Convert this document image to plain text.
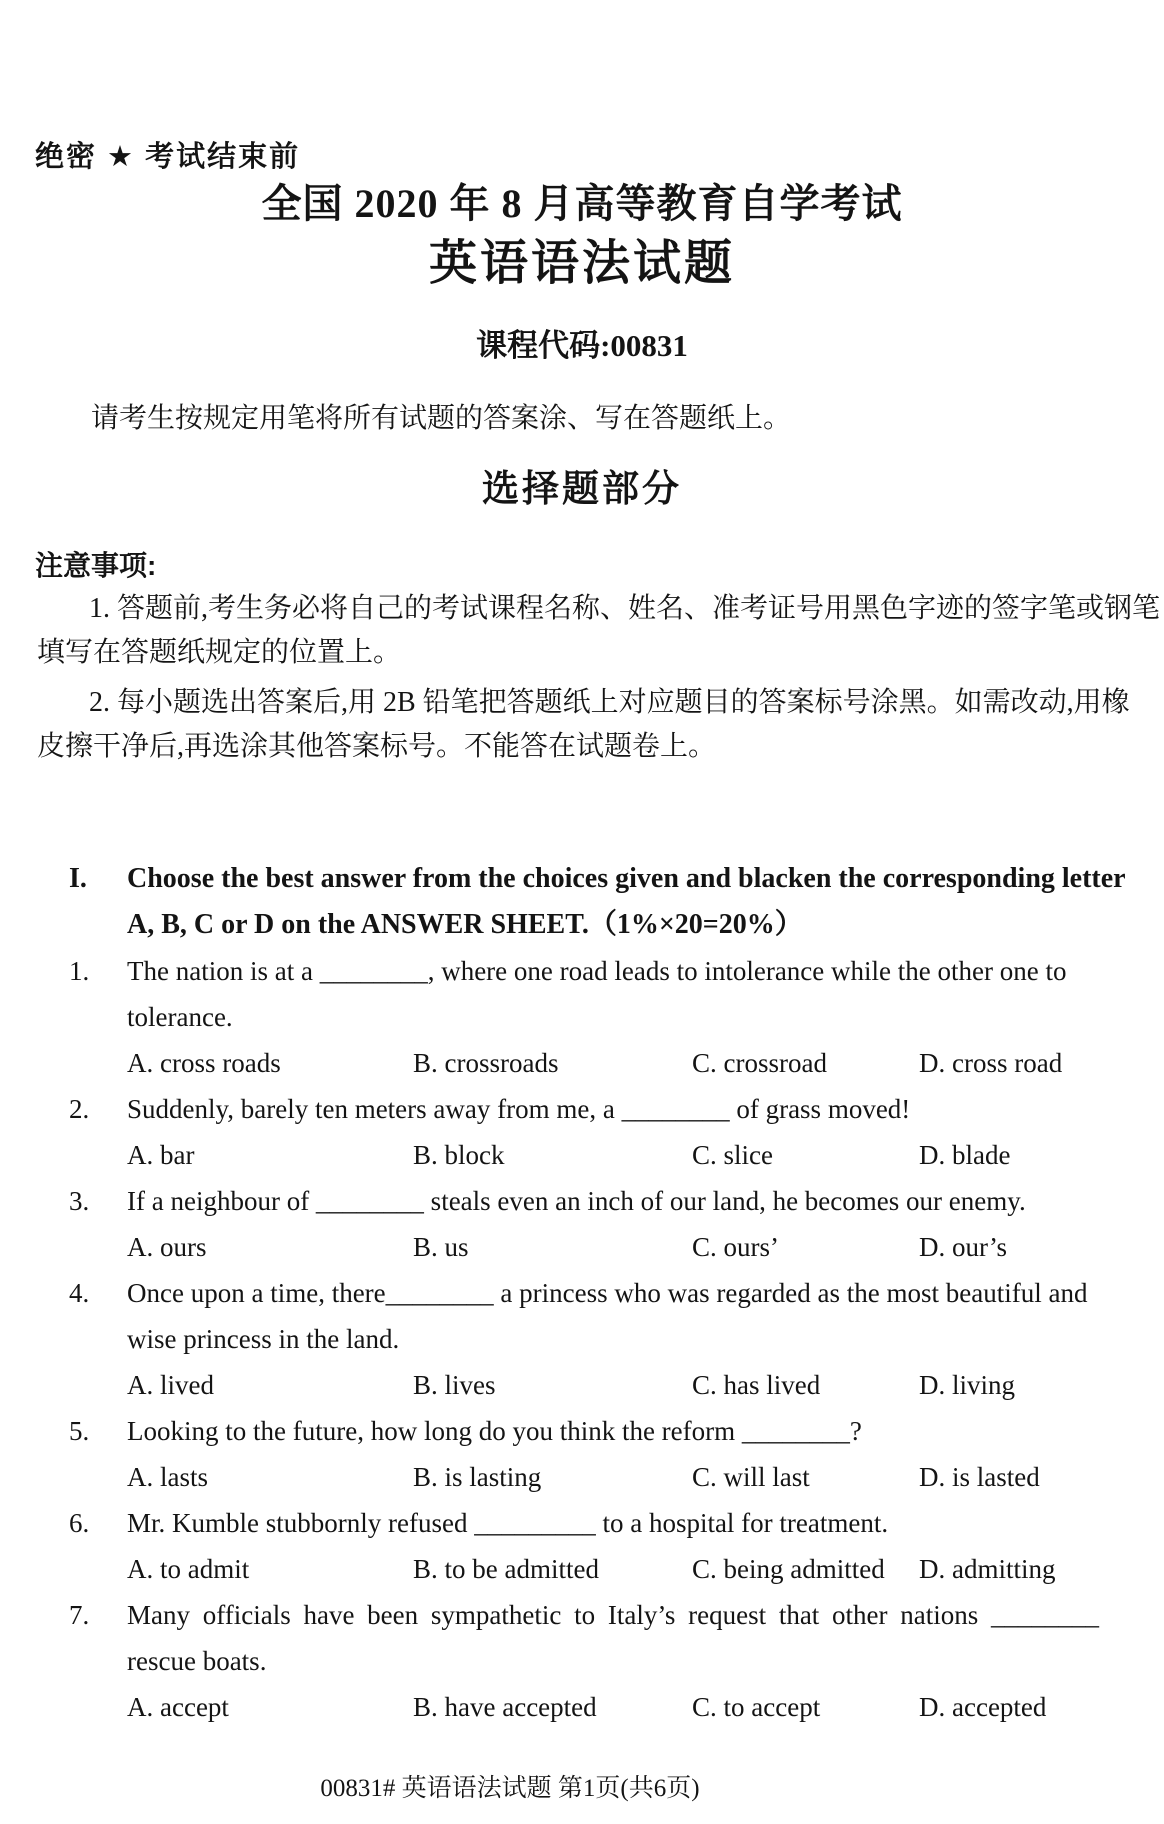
绝密 ★ 考试结束前
全国 2020 年 8 月高等教育自学考试
英语语法试题
课程代码:00831
请考生按规定用笔将所有试题的答案涂、写在答题纸上。
选择题部分
注意事项:
1. 答题前,考生务必将自己的考试课程名称、姓名、准考证号用黑色字迹的签字笔或钢笔
填写在答题纸规定的位置上。
2. 每小题选出答案后,用 2B 铅笔把答题纸上对应题目的答案标号涂黑。如需改动,用橡
皮擦干净后,再选涂其他答案标号。不能答在试题卷上。
I. Choose the best answer from the choices given and blacken the corresponding letter
A, B, C or D on the ANSWER SHEET.（1%×20=20%）
1. The nation is at a ________, where one road leads to intolerance while the other one to
tolerance.
A. cross roads	B. crossroads	C. crossroad	D. cross road
2. Suddenly, barely ten meters away from me, a ________ of grass moved!
A. bar	B. block	C. slice	D. blade
3. If a neighbour of ________ steals even an inch of our land, he becomes our enemy.
A. ours	B. us	C. ours’	D. our’s
4. Once upon a time, there________ a princess who was regarded as the most beautiful and
wise princess in the land.
A. lived	B. lives	C. has lived	D. living
5. Looking to the future, how long do you think the reform ________?
A. lasts	B. is lasting	C. will last	D. is lasted
6. Mr. Kumble stubbornly refused _________ to a hospital for treatment.
A. to admit	B. to be admitted	C. being admitted D. admitting
7. Many officials have been sympathetic to Italy’s request that other nations ________
rescue boats.
A. accept	B. have accepted	C. to accept	D. accepted
00831# 英语语法试题 第1页(共6页)
